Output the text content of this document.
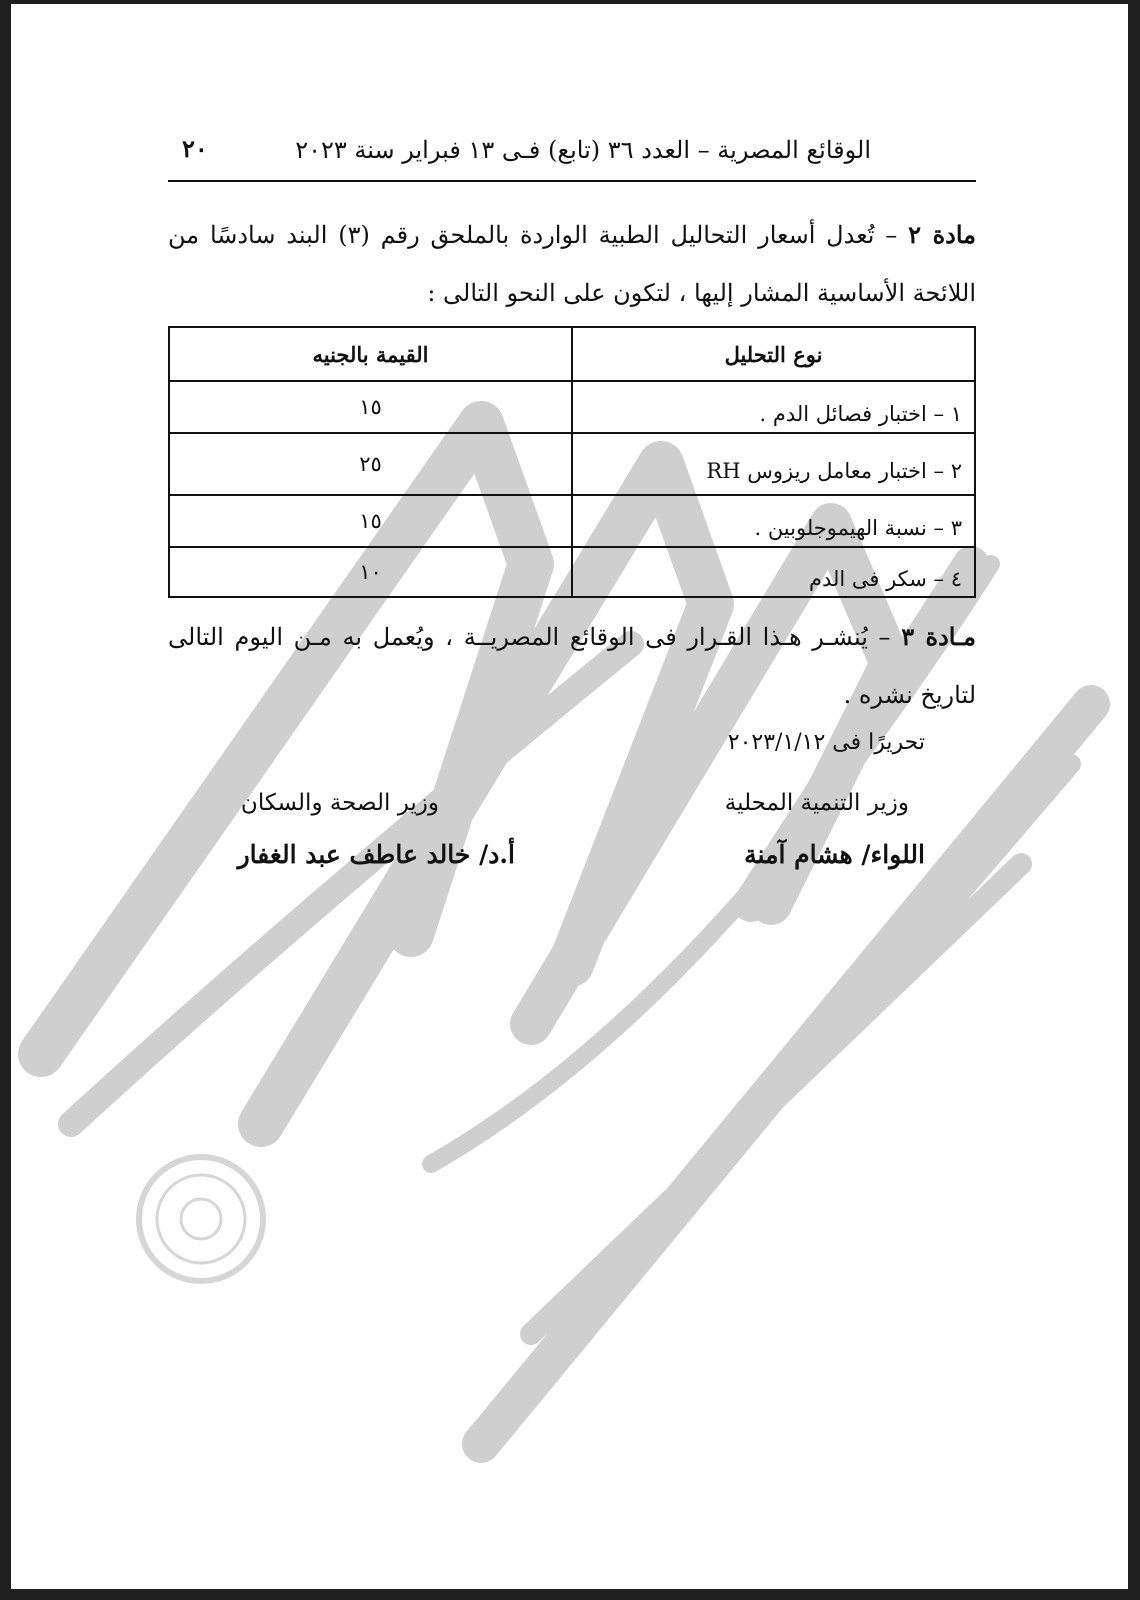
الوقائع المصرية – العدد ٣٦ (تابع) فـى ١٣ فبراير سنة ٢٠٢٣
٢٠
مادة ٢ – تُعدل أسعار التحاليل الطبية الواردة بالملحق رقم (٣) البند سادسًا من اللائحة الأساسية المشار إليها ، لتكون على النحو التالى :
نوع التحليل	القيمة بالجنيه
١ – اختبار فصائل الدم .	١٥
٢ – اختبار معامل ريزوس RH	٢٥
٣ – نسبة الهيموجلوبين .	١٥
٤ – سكر فى الدم	١٠
مـادة ٣ – يُنشـر هـذا القـرار فى الوقائع المصريــة ، ويُعمل به مـن اليوم التالى لتاريخ نشره .
تحريرًا فى ٢٠٢٣/١/١٢
وزير التنمية المحلية
اللواء/ هشام آمنة
وزير الصحة والسكان
أ.د/ خالد عاطف عبد الغفار
